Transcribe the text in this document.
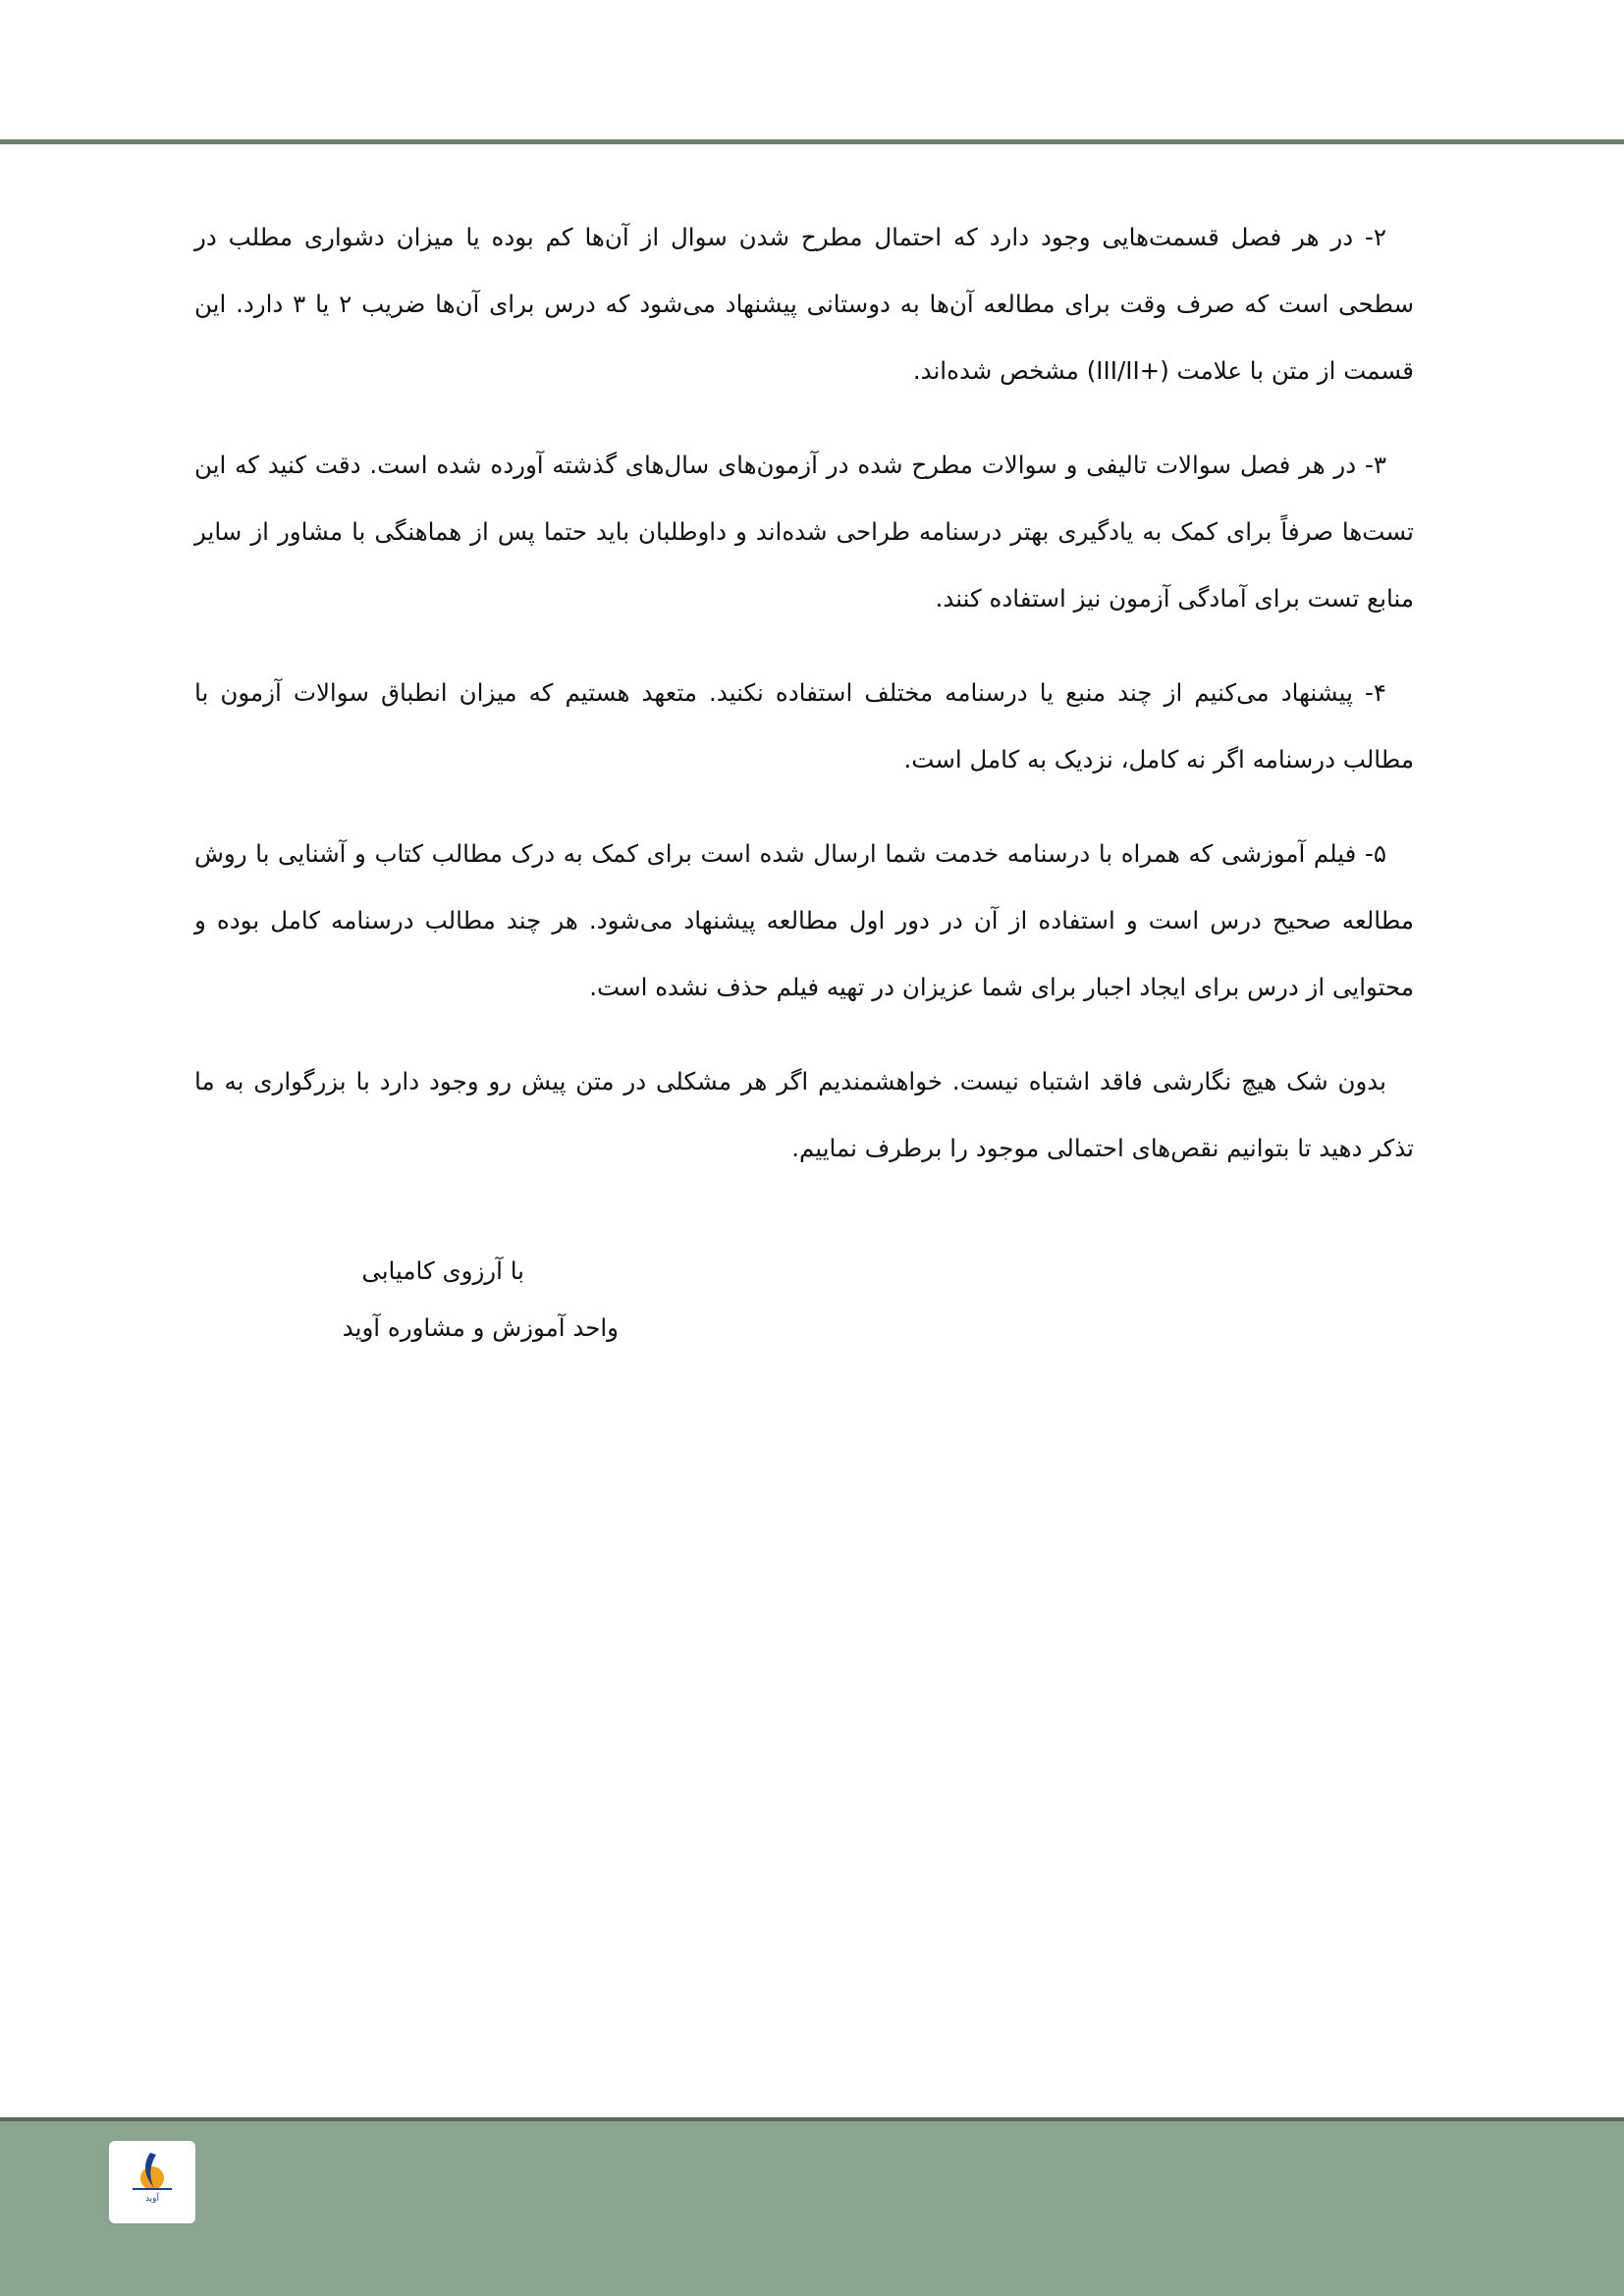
۲- در هر فصل قسمت‌هایی وجود دارد که احتمال مطرح شدن سوال از آن‌ها کم بوده یا میزان دشواری مطلب در سطحی است که صرف وقت برای مطالعه آن‌ها به دوستانی پیشنهاد می‌شود که درس برای آن‌ها ضریب ۲ یا ۳ دارد. این قسمت از متن با علامت (+III/II) مشخص شده‌اند.

۳- در هر فصل سوالات تالیفی و سوالات مطرح شده در آزمون‌های سال‌های گذشته آورده شده است. دقت کنید که این تست‌ها صرفاً برای کمک به یادگیری بهتر درسنامه طراحی شده‌اند و داوطلبان باید حتما پس از هماهنگی با مشاور از سایر منابع تست برای آمادگی آزمون نیز استفاده کنند.

۴- پیشنهاد می‌کنیم از چند منبع یا درسنامه مختلف استفاده نکنید. متعهد هستیم که میزان انطباق سوالات آزمون با مطالب درسنامه اگر نه کامل، نزدیک به کامل است.

۵- فیلم آموزشی که همراه با درسنامه خدمت شما ارسال شده است برای کمک به درک مطالب کتاب و آشنایی با روش مطالعه صحیح درس است و استفاده از آن در دور اول مطالعه پیشنهاد می‌شود. هر چند مطالب درسنامه کامل بوده و محتوایی از درس برای ایجاد اجبار برای شما عزیزان در تهیه فیلم حذف نشده است.

بدون شک هیچ نگارشی فاقد اشتباه نیست. خواهشمندیم اگر هر مشکلی در متن پیش رو وجود دارد با بزرگواری به ما تذکر دهید تا بتوانیم نقص‌های احتمالی موجود را برطرف نماییم.

با آرزوی کامیابی
واحد آموزش و مشاوره آوید
آوید
